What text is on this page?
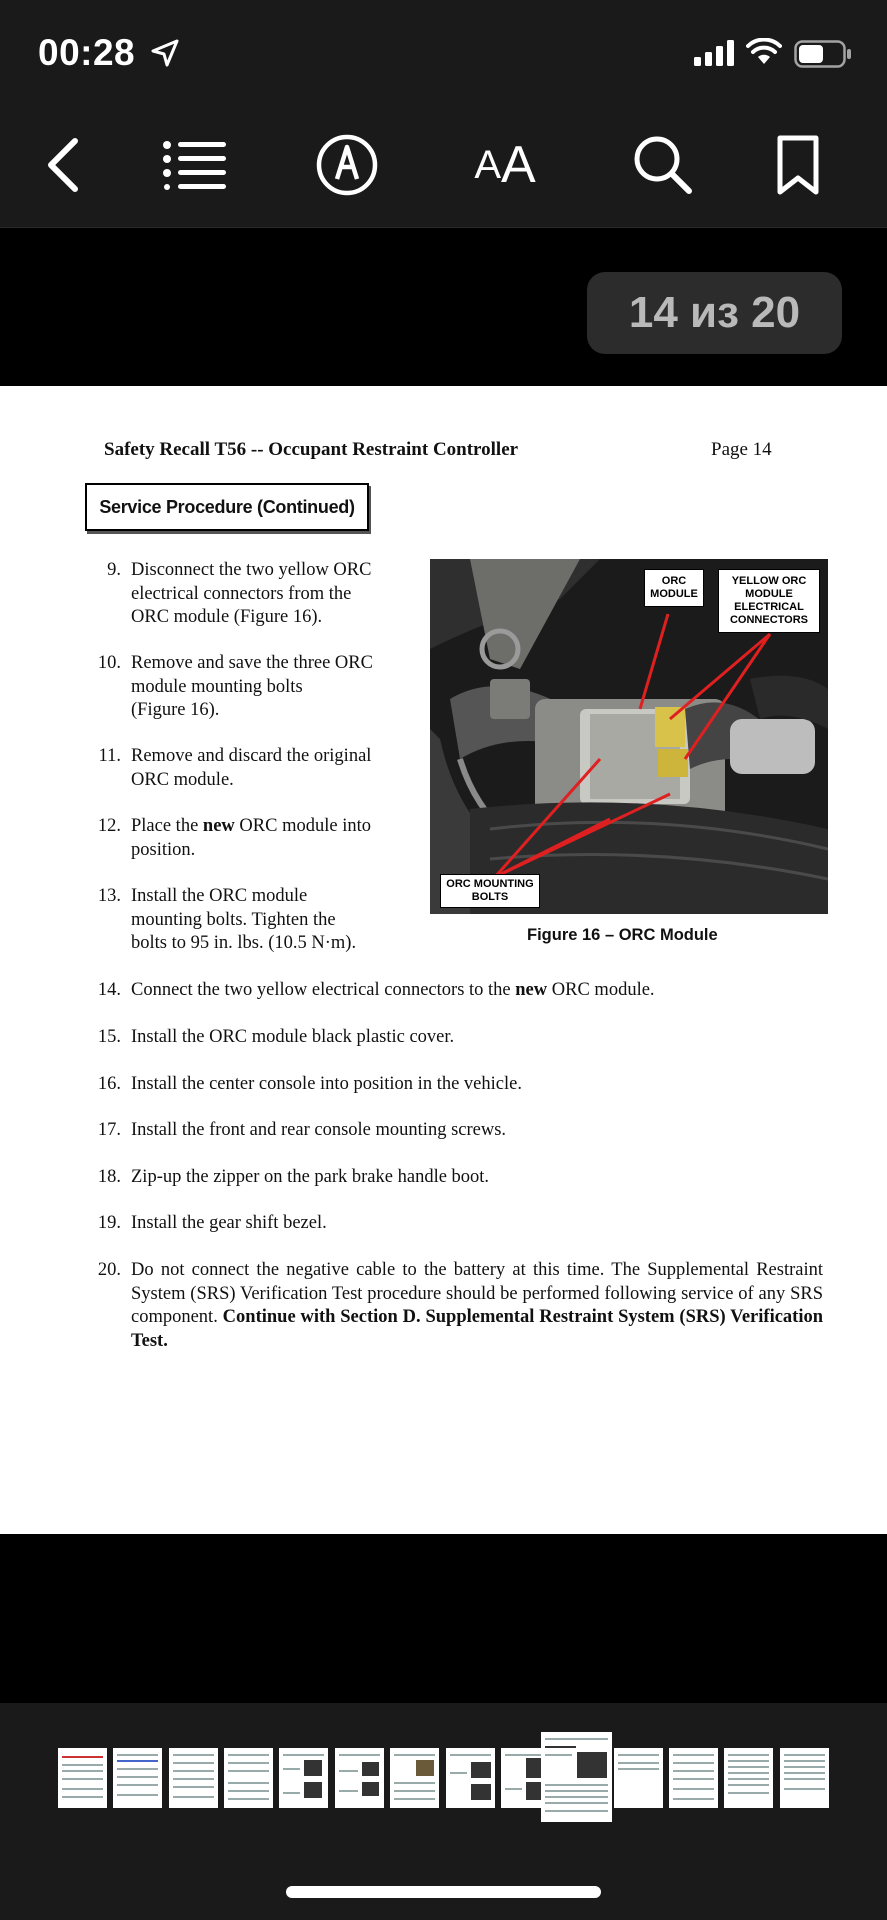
00:28
A A
14 из 20
Safety Recall T56 -- Occupant Restraint Controller	Page 14
Service Procedure (Continued)
9. Disconnect the two yellow ORC
electrical connectors from the
ORC module (Figure 16).
10. Remove and save the three ORC
module mounting bolts
(Figure 16).
11. Remove and discard the original
ORC module.
12. Place the new ORC module into
position.
13. Install the ORC module
mounting bolts. Tighten the
bolts to 95 in. lbs. (10.5 N·m).
ORC
MODULE
YELLOW ORC
MODULE
ELECTRICAL
CONNECTORS
ORC MOUNTING
BOLTS
Figure 16 – ORC Module
14. Connect the two yellow electrical connectors to the new ORC module.
15. Install the ORC module black plastic cover.
16. Install the center console into position in the vehicle.
17. Install the front and rear console mounting screws.
18. Zip-up the zipper on the park brake handle boot.
19. Install the gear shift bezel.
20. Do not connect the negative cable to the battery at this time. The Supplemental Restraint System (SRS) Verification Test procedure should be performed following service of any SRS component. Continue with Section D. Supplemental Restraint System (SRS) Verification Test.
